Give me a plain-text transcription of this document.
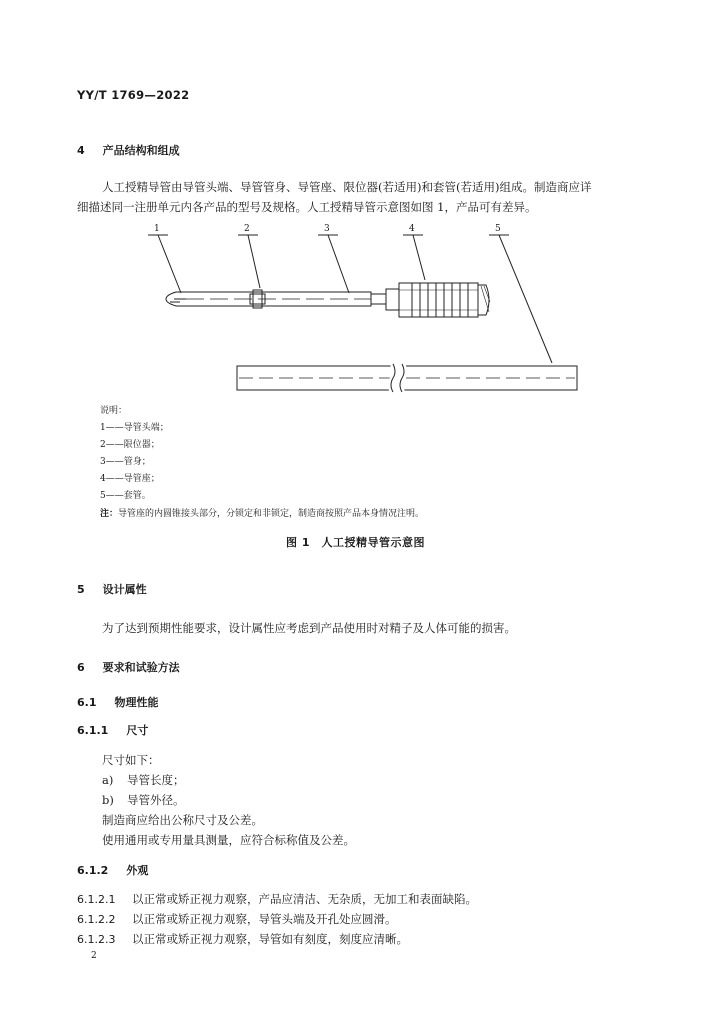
YY/T 1769—2022
4 产品结构和组成
人工授精导管由导管头端、导管管身、导管座、限位器(若适用)和套管(若适用)组成。制造商应详
细描述同一注册单元内各产品的型号及规格。人工授精导管示意图如图 1，产品可有差异。
1	2	3	4	5
说明：
1——导管头端；
2——限位器；
3——管身；
4——导管座；
5——套管。
注：导管座的内圆锥接头部分，分锁定和非锁定，制造商按照产品本身情况注明。
图 1　人工授精导管示意图
5 设计属性
为了达到预期性能要求，设计属性应考虑到产品使用时对精子及人体可能的损害。
6 要求和试验方法
6.1 物理性能
6.1.1 尺寸
尺寸如下：
a) 导管长度；
b) 导管外径。
制造商应给出公称尺寸及公差。
使用通用或专用量具测量，应符合标称值及公差。
6.1.2 外观
6.1.2.1 以正常或矫正视力观察，产品应清洁、无杂质，无加工和表面缺陷。
6.1.2.2 以正常或矫正视力观察，导管头端及开孔处应圆滑。
6.1.2.3 以正常或矫正视力观察，导管如有刻度，刻度应清晰。
2
